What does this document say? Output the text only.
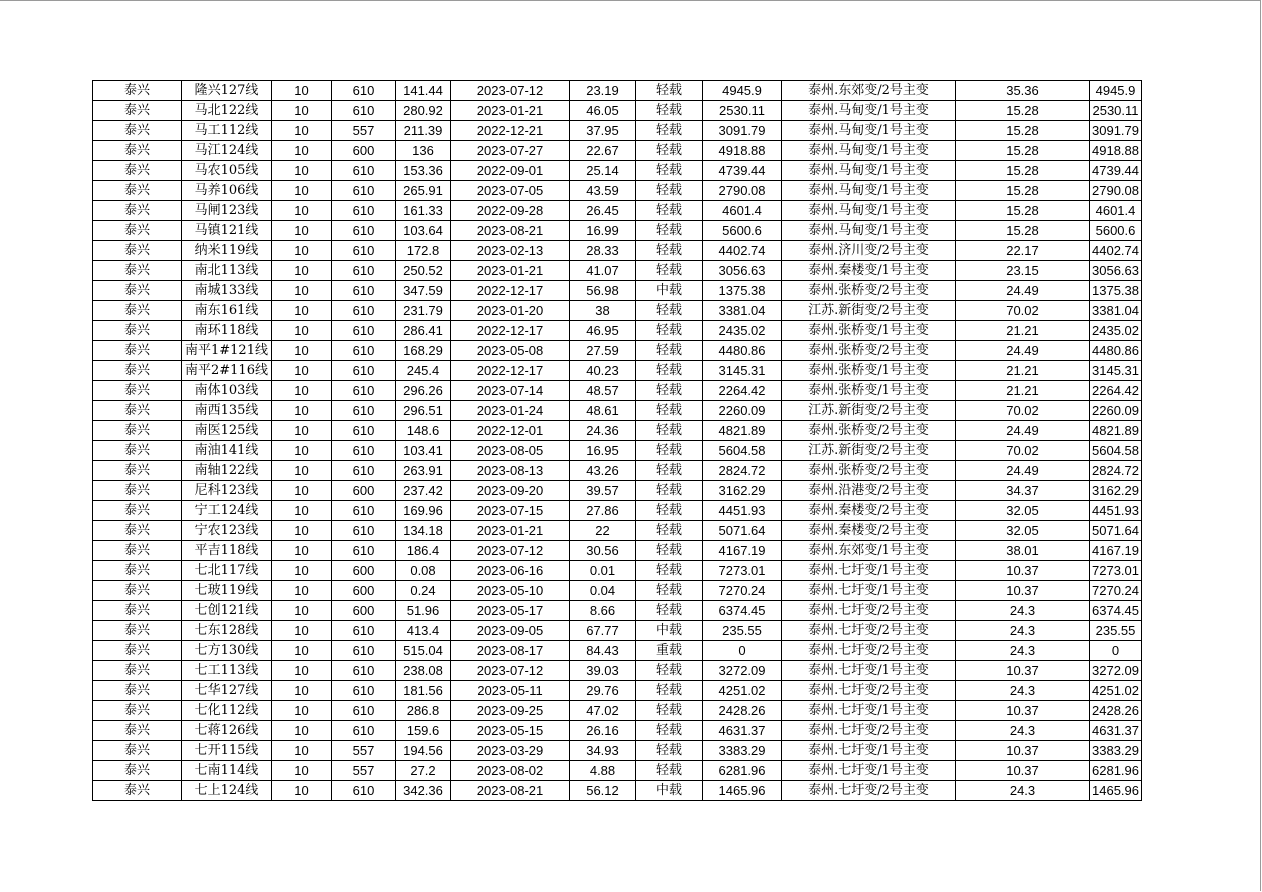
泰兴	隆兴127线	10	610	141.44	2023-07-12	23.19	轻载	4945.9	泰州.东郊变/2号主变	35.36	4945.9
泰兴	马北122线	10	610	280.92	2023-01-21	46.05	轻载	2530.11	泰州.马甸变/1号主变	15.28	2530.11
泰兴	马工112线	10	557	211.39	2022-12-21	37.95	轻载	3091.79	泰州.马甸变/1号主变	15.28	3091.79
泰兴	马江124线	10	600	136	2023-07-27	22.67	轻载	4918.88	泰州.马甸变/1号主变	15.28	4918.88
泰兴	马农105线	10	610	153.36	2022-09-01	25.14	轻载	4739.44	泰州.马甸变/1号主变	15.28	4739.44
泰兴	马养106线	10	610	265.91	2023-07-05	43.59	轻载	2790.08	泰州.马甸变/1号主变	15.28	2790.08
泰兴	马闸123线	10	610	161.33	2022-09-28	26.45	轻载	4601.4	泰州.马甸变/1号主变	15.28	4601.4
泰兴	马镇121线	10	610	103.64	2023-08-21	16.99	轻载	5600.6	泰州.马甸变/1号主变	15.28	5600.6
泰兴	纳米119线	10	610	172.8	2023-02-13	28.33	轻载	4402.74	泰州.济川变/2号主变	22.17	4402.74
泰兴	南北113线	10	610	250.52	2023-01-21	41.07	轻载	3056.63	泰州.秦楼变/1号主变	23.15	3056.63
泰兴	南城133线	10	610	347.59	2022-12-17	56.98	中载	1375.38	泰州.张桥变/2号主变	24.49	1375.38
泰兴	南东161线	10	610	231.79	2023-01-20	38	轻载	3381.04	江苏.新街变/2号主变	70.02	3381.04
泰兴	南环118线	10	610	286.41	2022-12-17	46.95	轻载	2435.02	泰州.张桥变/1号主变	21.21	2435.02
泰兴	南平1#121线	10	610	168.29	2023-05-08	27.59	轻载	4480.86	泰州.张桥变/2号主变	24.49	4480.86
泰兴	南平2#116线	10	610	245.4	2022-12-17	40.23	轻载	3145.31	泰州.张桥变/1号主变	21.21	3145.31
泰兴	南体103线	10	610	296.26	2023-07-14	48.57	轻载	2264.42	泰州.张桥变/1号主变	21.21	2264.42
泰兴	南西135线	10	610	296.51	2023-01-24	48.61	轻载	2260.09	江苏.新街变/2号主变	70.02	2260.09
泰兴	南医125线	10	610	148.6	2022-12-01	24.36	轻载	4821.89	泰州.张桥变/2号主变	24.49	4821.89
泰兴	南油141线	10	610	103.41	2023-08-05	16.95	轻载	5604.58	江苏.新街变/2号主变	70.02	5604.58
泰兴	南轴122线	10	610	263.91	2023-08-13	43.26	轻载	2824.72	泰州.张桥变/2号主变	24.49	2824.72
泰兴	尼科123线	10	600	237.42	2023-09-20	39.57	轻载	3162.29	泰州.沿港变/2号主变	34.37	3162.29
泰兴	宁工124线	10	610	169.96	2023-07-15	27.86	轻载	4451.93	泰州.秦楼变/2号主变	32.05	4451.93
泰兴	宁农123线	10	610	134.18	2023-01-21	22	轻载	5071.64	泰州.秦楼变/2号主变	32.05	5071.64
泰兴	平吉118线	10	610	186.4	2023-07-12	30.56	轻载	4167.19	泰州.东郊变/1号主变	38.01	4167.19
泰兴	七北117线	10	600	0.08	2023-06-16	0.01	轻载	7273.01	泰州.七圩变/1号主变	10.37	7273.01
泰兴	七玻119线	10	600	0.24	2023-05-10	0.04	轻载	7270.24	泰州.七圩变/1号主变	10.37	7270.24
泰兴	七创121线	10	600	51.96	2023-05-17	8.66	轻载	6374.45	泰州.七圩变/2号主变	24.3	6374.45
泰兴	七东128线	10	610	413.4	2023-09-05	67.77	中载	235.55	泰州.七圩变/2号主变	24.3	235.55
泰兴	七方130线	10	610	515.04	2023-08-17	84.43	重载	0	泰州.七圩变/2号主变	24.3	0
泰兴	七工113线	10	610	238.08	2023-07-12	39.03	轻载	3272.09	泰州.七圩变/1号主变	10.37	3272.09
泰兴	七华127线	10	610	181.56	2023-05-11	29.76	轻载	4251.02	泰州.七圩变/2号主变	24.3	4251.02
泰兴	七化112线	10	610	286.8	2023-09-25	47.02	轻载	2428.26	泰州.七圩变/1号主变	10.37	2428.26
泰兴	七蒋126线	10	610	159.6	2023-05-15	26.16	轻载	4631.37	泰州.七圩变/2号主变	24.3	4631.37
泰兴	七开115线	10	557	194.56	2023-03-29	34.93	轻载	3383.29	泰州.七圩变/1号主变	10.37	3383.29
泰兴	七南114线	10	557	27.2	2023-08-02	4.88	轻载	6281.96	泰州.七圩变/1号主变	10.37	6281.96
泰兴	七上124线	10	610	342.36	2023-08-21	56.12	中载	1465.96	泰州.七圩变/2号主变	24.3	1465.96
